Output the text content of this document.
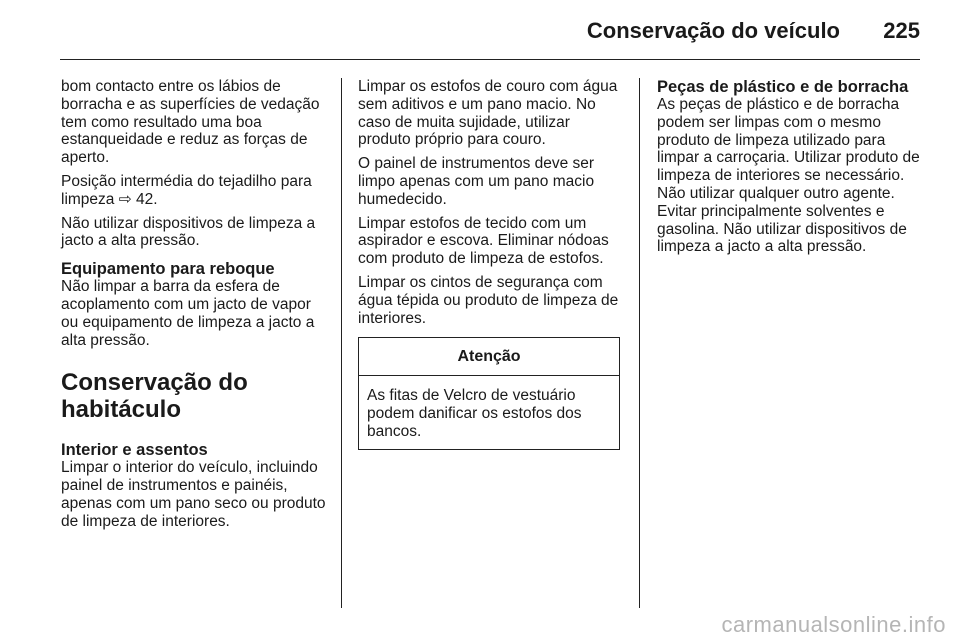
Conservação do veículo 225

bom contacto entre os lábios de borracha e as superfícies de vedação tem como resultado uma boa estanqueidade e reduz as forças de aperto.

Posição intermédia do tejadilho para limpeza ⇨ 42.

Não utilizar dispositivos de limpeza a jacto a alta pressão.

Equipamento para reboque

Não limpar a barra da esfera de acoplamento com um jacto de vapor ou equipamento de limpeza a jacto a alta pressão.

Conservação do habitáculo
Interior e assentos

Limpar o interior do veículo, incluindo painel de instrumentos e painéis, apenas com um pano seco ou produto de limpeza de interiores.

Limpar os estofos de couro com água sem aditivos e um pano macio. No caso de muita sujidade, utilizar produto próprio para couro.

O painel de instrumentos deve ser limpo apenas com um pano macio humedecido.

Limpar estofos de tecido com um aspirador e escova. Eliminar nódoas com produto de limpeza de estofos.

Limpar os cintos de segurança com água tépida ou produto de limpeza de interiores.

Atenção
As fitas de Velcro de vestuário podem danificar os estofos dos bancos.
Peças de plástico e de borracha

As peças de plástico e de borracha podem ser limpas com o mesmo produto de limpeza utilizado para limpar a carroçaria. Utilizar produto de limpeza de interiores se necessário. Não utilizar qualquer outro agente. Evitar principalmente solventes e gasolina. Não utilizar dispositivos de limpeza a jacto a alta pressão.

carmanualsonline.info
